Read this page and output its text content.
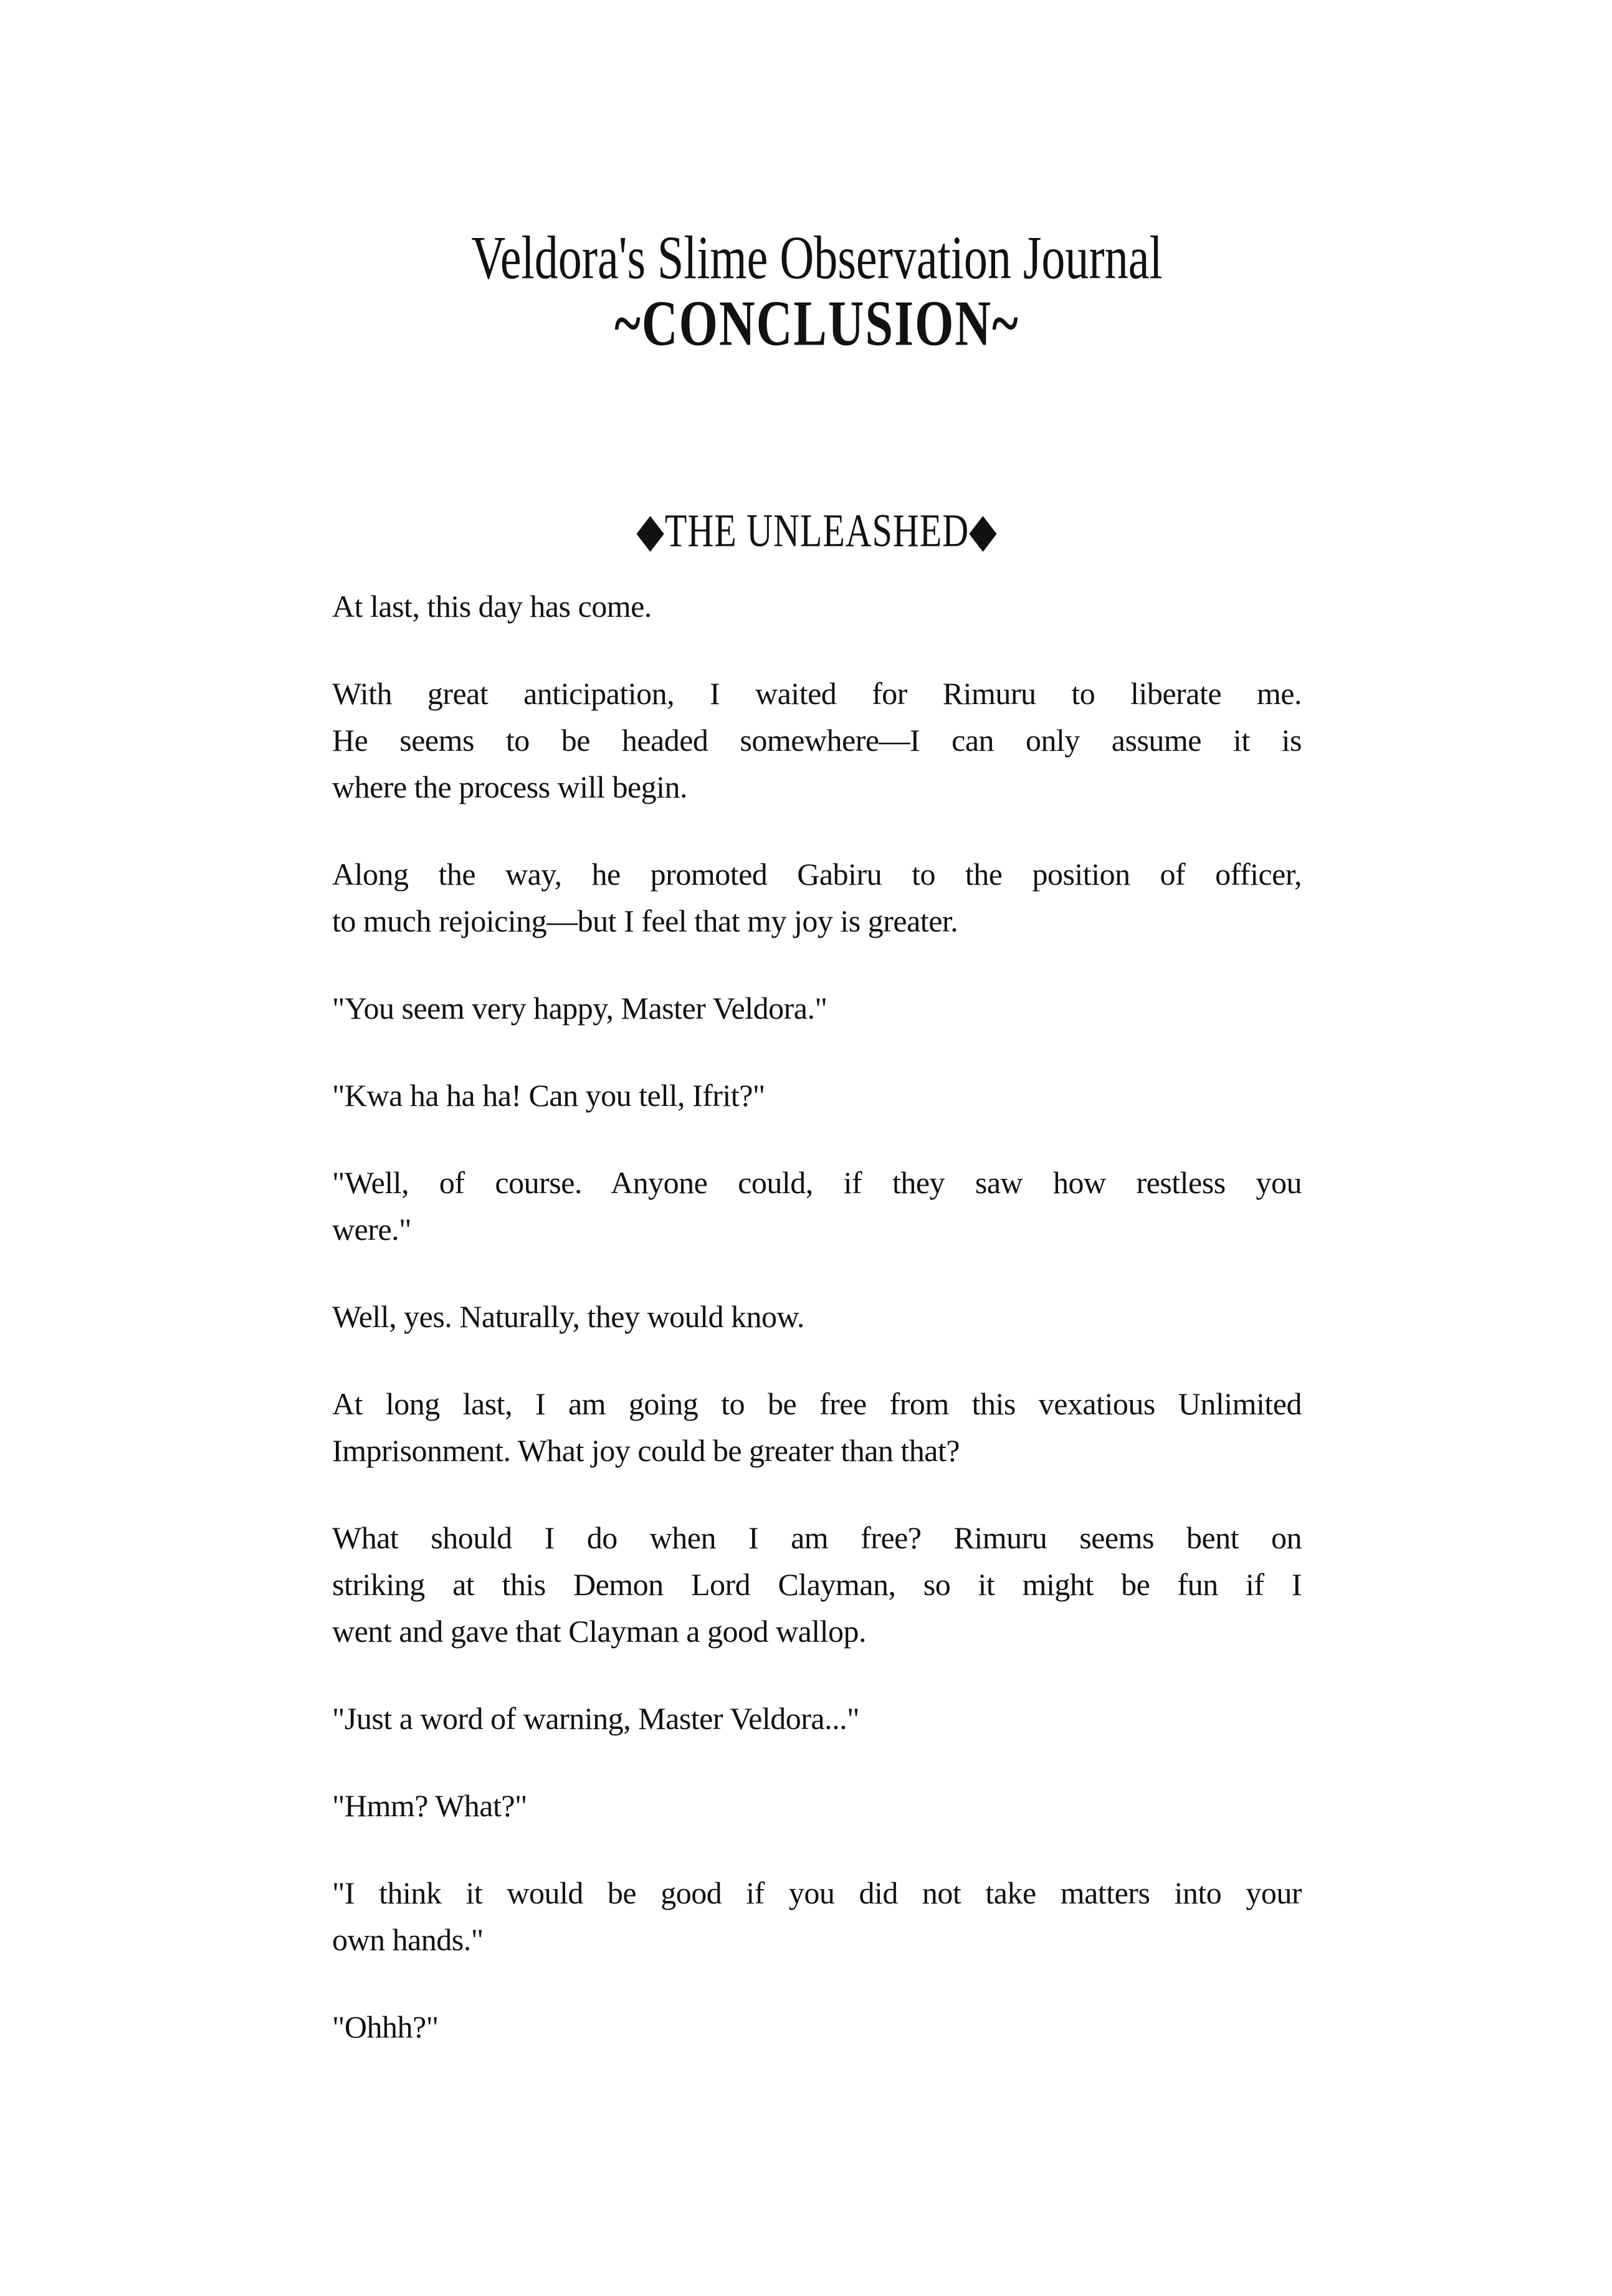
Veldora's Slime Observation Journal
~CONCLUSION~
◆THE UNLEASHED◆
At last, this day has come.
With great anticipation, I waited for Rimuru to liberate me.
He seems to be headed somewhere—I can only assume it is
where the process will begin.
Along the way, he promoted Gabiru to the position of officer,
to much rejoicing—but I feel that my joy is greater.
"You seem very happy, Master Veldora."
"Kwa ha ha ha! Can you tell, Ifrit?"
"Well, of course. Anyone could, if they saw how restless you
were."
Well, yes. Naturally, they would know.
At long last, I am going to be free from this vexatious Unlimited
Imprisonment. What joy could be greater than that?
What should I do when I am free? Rimuru seems bent on
striking at this Demon Lord Clayman, so it might be fun if I
went and gave that Clayman a good wallop.
"Just a word of warning, Master Veldora..."
"Hmm? What?"
"I think it would be good if you did not take matters into your
own hands."
"Ohhh?"
